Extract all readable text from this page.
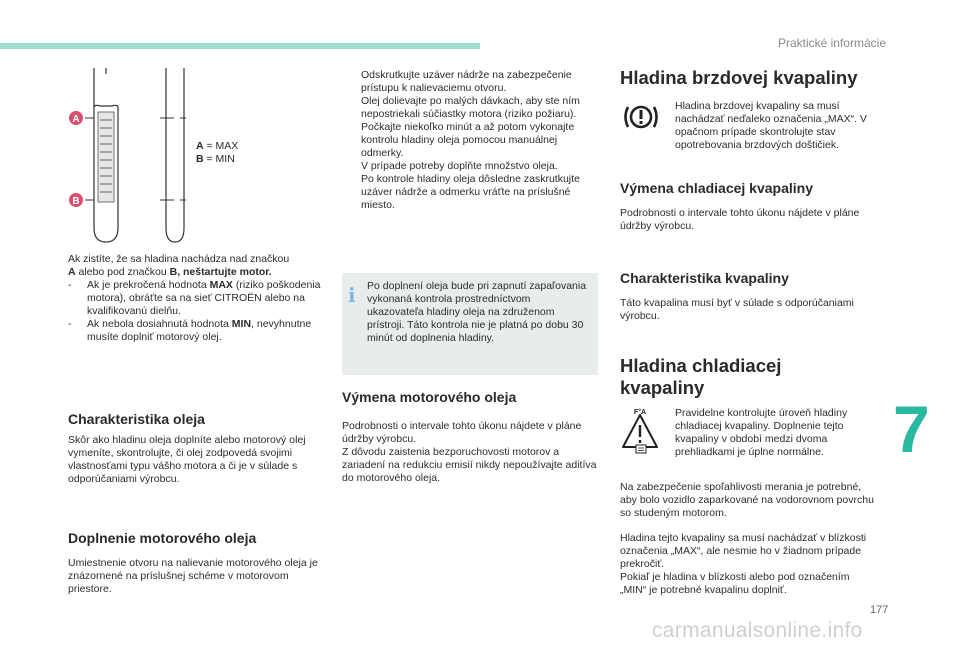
Praktické informácie
A
B
A = MAX
B = MIN

Ak zistíte, že sa hladina nachádza nad značkou
A alebo pod značkou B, neštartujte motor.

- Ak je prekročená hodnota MAX (riziko poškodenia motora), obráťte sa na sieť CITROËN alebo na kvalifikovanú dielňu.
- Ak nebola dosiahnutá hodnota MIN, nevyhnutne musíte doplniť motorový olej.
Charakteristika oleja
Skôr ako hladinu oleja doplníte alebo motorový olej vymeníte, skontrolujte, či olej zodpovedá svojimi vlastnosťami typu vášho motora a či je v súlade s odporúčaniami výrobcu.
Doplnenie motorového oleja
Umiestnenie otvoru na nalievanie motorového oleja je znázornené na príslušnej schéme v motorovom priestore.
Odskrutkujte uzáver nádrže na zabezpečenie prístupu k nalievaciemu otvoru.
Olej dolievajte po malých dávkach, aby ste ním nepostriekali súčiastky motora (riziko požiaru).
Počkajte niekoľko minút a až potom vykonajte kontrolu hladiny oleja pomocou manuálnej odmerky.
V prípade potreby doplňte množstvo oleja.
Po kontrole hladiny oleja dôsledne zaskrutkujte uzáver nádrže a odmerku vráťte na príslušné miesto.
i Po doplnení oleja bude pri zapnutí zapaľovania vykonaná kontrola prostredníctvom ukazovateľa hladiny oleja na združenom prístroji. Táto kontrola nie je platná po dobu 30 minút od doplnenia hladiny.
Výmena motorového oleja
Podrobnosti o intervale tohto úkonu nájdete v pláne údržby výrobcu.
Z dôvodu zaistenia bezporuchovosti motorov a zariadení na redukciu emisií nikdy nepoužívajte aditíva do motorového oleja.
Hladina brzdovej kvapaliny
Hladina brzdovej kvapaliny sa musí nachádzať neďaleko označenia „MAX“. V opačnom prípade skontrolujte stav opotrebovania brzdových doštičiek.
Výmena chladiacej kvapaliny
Podrobnosti o intervale tohto úkonu nájdete v pláne údržby výrobcu.
Charakteristika kvapaliny
Táto kvapalina musí byť v súlade s odporúčaniami výrobcu.
Hladina chladiacej
kvapaliny
F°A	Pravidelne kontrolujte úroveň hladiny chladiacej kvapaliny. Doplnenie tejto kvapaliny v období medzi dvoma prehliadkami je úplne normálne.
Na zabezpečenie spoľahlivosti merania je potrebné, aby bolo vozidlo zaparkované na vodorovnom povrchu so studeným motorom.
Hladina tejto kvapaliny sa musí nachádzať v blízkosti označenia „MAX“, ale nesmie ho v žiadnom prípade prekročiť.
Pokiaľ je hladina v blízkosti alebo pod označením „MIN“ je potrebné kvapalinu doplniť.
7
177
carmanualsonline.info
